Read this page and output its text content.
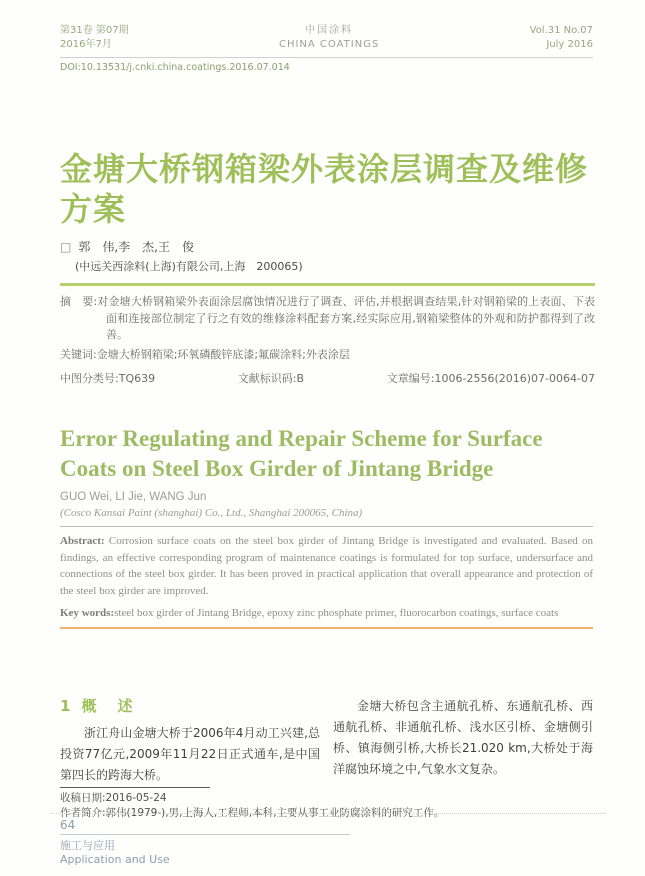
第31卷 第07期
2016年7月
中国涂料
CHINA COATINGS
Vol.31 No.07
July 2016
DOI:10.13531/j.cnki.china.coatings.2016.07.014
金塘大桥钢箱梁外表涂层调查及维修方案
□ 郭　伟,李　杰,王　俊
(中远关西涂料(上海)有限公司,上海　200065)
摘　要:对金塘大桥钢箱梁外表面涂层腐蚀情况进行了调查、评估,并根据调查结果,针对钢箱梁的上表面、下表面和连接部位制定了行之有效的维修涂料配套方案,经实际应用,钢箱梁整体的外观和防护都得到了改善。
关键词:金塘大桥钢箱梁;环氧磷酸锌底漆;氟碳涂料;外表涂层
中图分类号:TQ639	文献标识码:B	文章编号:1006-2556(2016)07-0064-07
Error Regulating and Repair Scheme for Surface Coats on Steel Box Girder of Jintang Bridge
GUO Wei, LI Jie, WANG Jun
(Cosco Kansai Paint (shanghai) Co., Ltd., Shanghai 200065, China)
Abstract: Corrosion surface coats on the steel box girder of Jintang Bridge is investigated and evaluated. Based on findings, an effective corresponding program of maintenance coatings is formulated for top surface, undersurface and connections of the steel box girder. It has been proved in practical application that overall appearance and protection of the steel box girder are improved.
Key words:steel box girder of Jintang Bridge, epoxy zinc phosphate primer, fluorocarbon coatings, surface coats
1 概　述
浙江舟山金塘大桥于2006年4月动工兴建,总投资77亿元,2009年11月22日正式通车,是中国第四长的跨海大桥。
金塘大桥包含主通航孔桥、东通航孔桥、西通航孔桥、非通航孔桥、浅水区引桥、金塘侧引桥、镇海侧引桥,大桥长21.020 km,大桥处于海洋腐蚀环境之中,气象水文复杂。
收稿日期:2016-05-24
作者简介:郭伟(1979-),男,上海人,工程师,本科,主要从事工业防腐涂料的研究工作。
64
施工与应用
Application and Use
